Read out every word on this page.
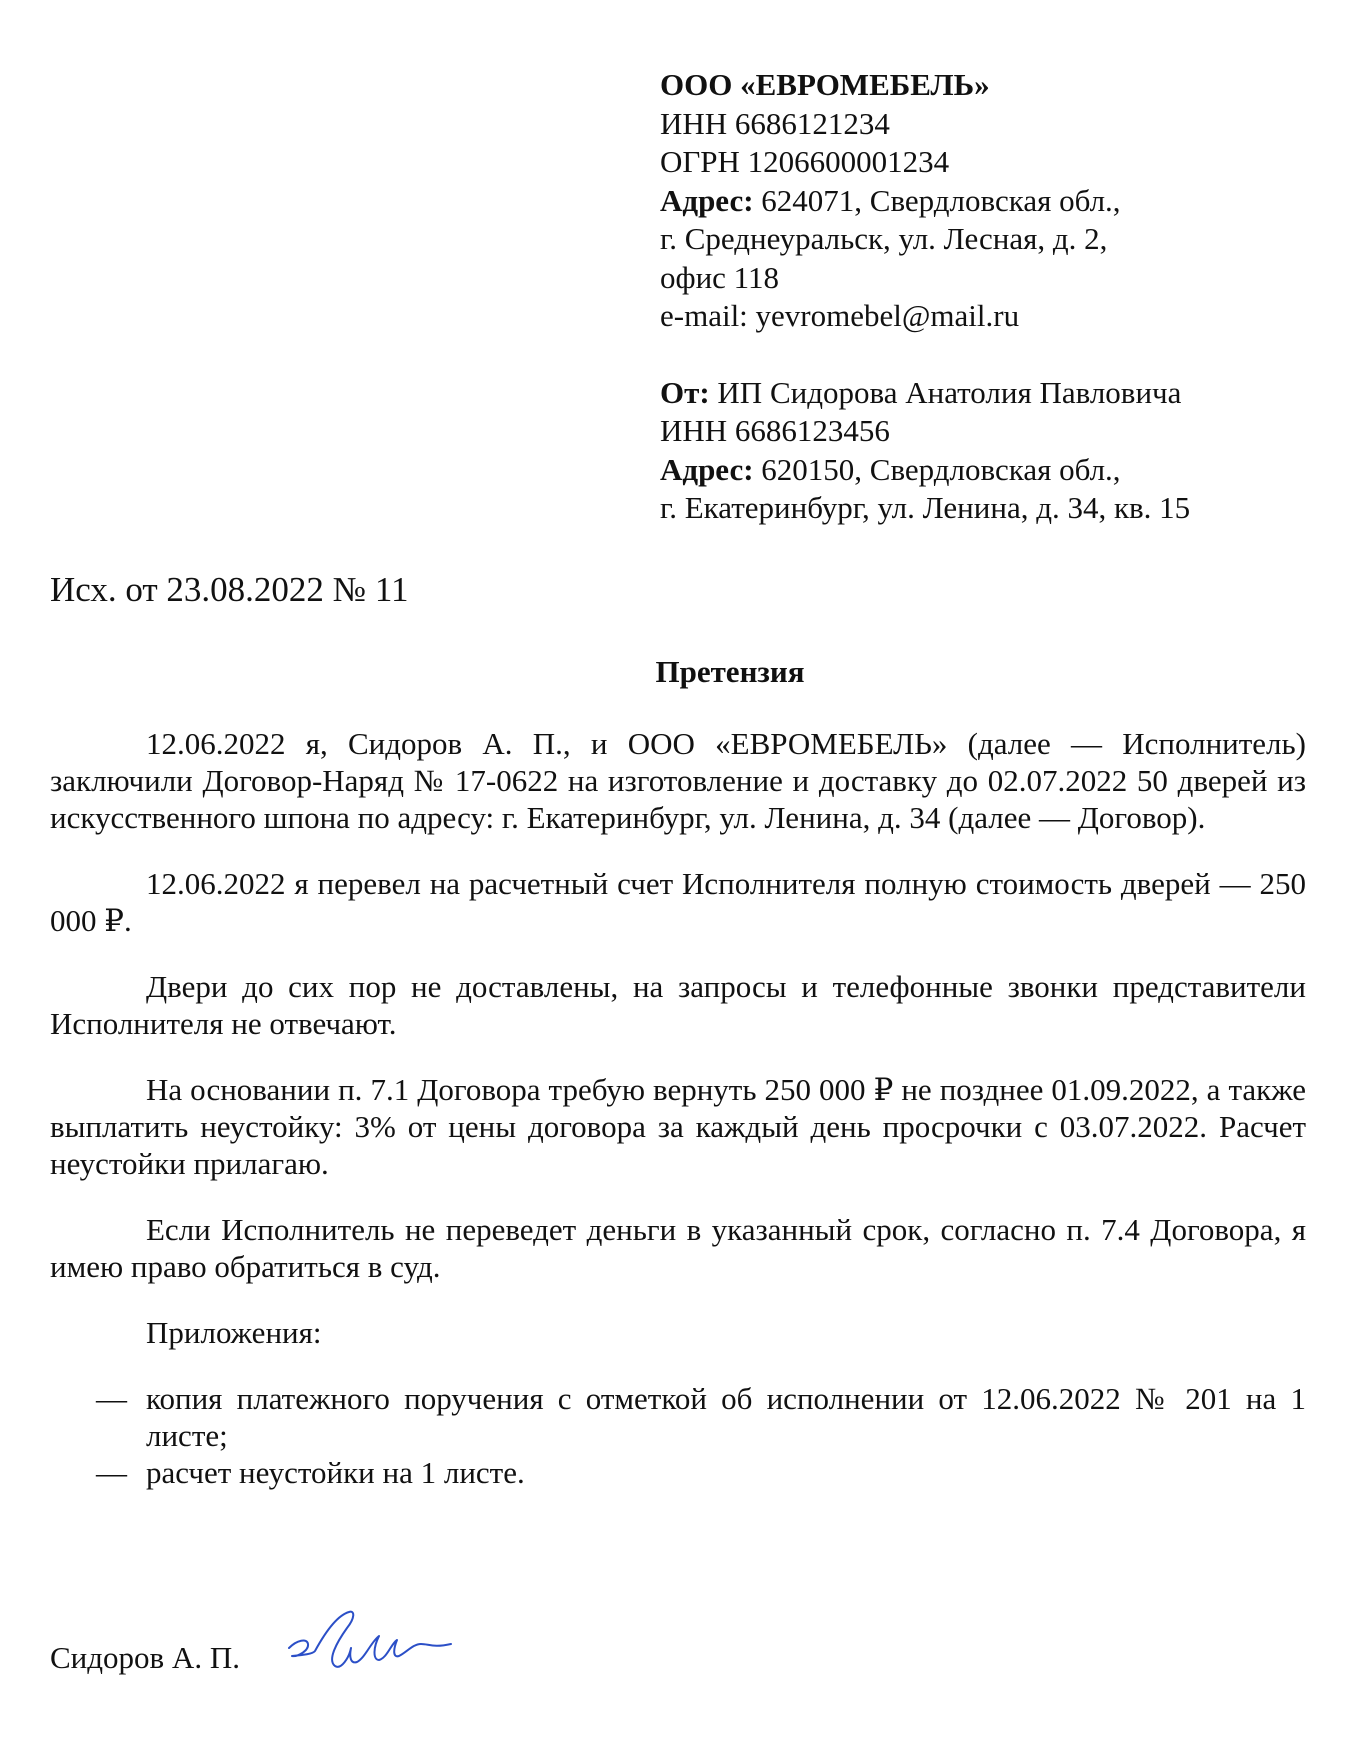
ООО «ЕВРОМЕБЕЛЬ»
ИНН 6686121234
ОГРН 1206600001234
Адрес: 624071, Свердловская обл.,
г. Среднеуральск, ул. Лесная, д. 2,
офис 118
e-mail: yevromebel@mail.ru
От: ИП Сидорова Анатолия Павловича
ИНН 6686123456
Адрес: 620150, Свердловская обл.,
г. Екатеринбург, ул. Ленина, д. 34, кв. 15
Исх. от 23.08.2022 № 11
Претензия

12.06.2022 я, Сидоров А. П., и ООО «ЕВРОМЕБЕЛЬ» (далее — Исполнитель) заключили Договор-Наряд № 17-0622 на изготовление и доставку до 02.07.2022 50 дверей из искусственного шпона по адресу: г. Екатеринбург, ул. Ленина, д. 34 (далее — Договор).

12.06.2022 я перевел на расчетный счет Исполнителя полную стоимость дверей — 250 000 ₽.

Двери до сих пор не доставлены, на запросы и телефонные звонки представители Исполнителя не отвечают.

На основании п. 7.1 Договора требую вернуть 250 000 ₽ не позднее 01.09.2022, а также выплатить неустойку: 3% от цены договора за каждый день просрочки с 03.07.2022. Расчет неустойки прилагаю.

Если Исполнитель не переведет деньги в указанный срок, согласно п. 7.4 Договора, я имею право обратиться в суд.

Приложения:
— копия платежного поручения с отметкой об исполнении от 12.06.2022 № 201 на 1 листе;
— расчет неустойки на 1 листе.
Сидоров А. П.
